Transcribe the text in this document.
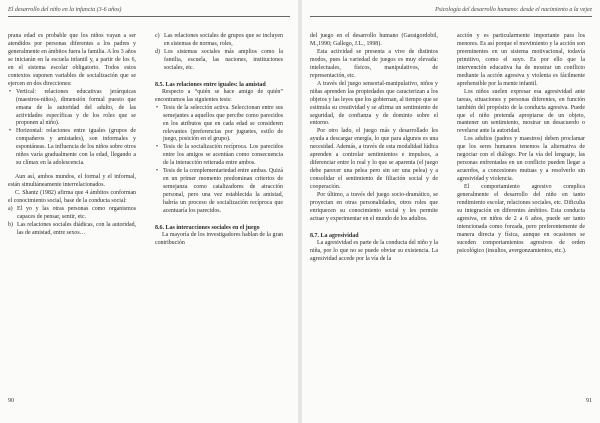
El desarrollo del niño en la infancia (3-6 años)

prana edad es probable que los niños vayan a ser atendidos por personas diferentes a los padres y generalmente en ámbitos fuera la familia. A los 3 años se iniciarán en la escuela infantil y, a partir de los 6, en el sistema escolar obligatorio. Todos estos contextos suponen variables de socialización que se ejercen en dos direcciones:

• Vertical: relaciones educativas jerárquicas (maestros-niños), dimensión formal puesto que emana de la autoridad del adulto, de las actividades específicas y de los roles que se proponen al niño).
• Horizontal: relaciones entre iguales (grupos de compañeros y amistades), son informales y espontáneas. La influencia de los niños sobre otros niños varía gradualmente con la edad, llegando a su clímax en la adolescencia.

Aun así, ambos mundos, el formal y el informal, están simultáneamente interrelacionados.

C. Shantz (1982) afirma que 4 ámbitos conforman el conocimiento social, base de la conducta social:

a) El yo y las otras personas como organismos capaces de pensar, sentir, etc.
b) Las relaciones sociales diádicas, con la autoridad, las de amistad, entre sexos…
c) Las relaciones sociales de grupos que se incluyen en sistemas de normas, roles,
d) Los sistemas sociales más amplios como la familia, escuela, las naciones, instituciones sociales, etc.
8.5. Las relaciones entre iguales: la amistad

Respecto a “quién se hace amigo de quién” encontramos las siguientes tesis:

• Tesis de la selección activa. Seleccionan entre sus semejantes a aquellos que percibe como parecidos en los atributos que en cada edad se consideren relevantes (preferencias por juguetes, estilo de juego, posición en el grupo).
• Tesis de la socialización recíproca. Los parecidos entre los amigos se acentúan como consecuencia de la interacción reiterada entre ambos.
• Tesis de la complementariedad entre ambas. Quizá en un primer momento predominan criterios de semejanza como catalizadores de atracción personal, pero una vez establecida la amistad, habría un proceso de socialización recíproca que acentuaría los parecidos.
8.6. Las interacciones sociales en el juego

La mayoría de los investigadores hablan de la gran contribución

90
Psicología del desarrollo humano: desde el nacimiento a la vejez

del juego en el desarrollo humano (Garaigordobil, M.,1990; Gallego, J.L., 1998).

Esta actividad se presenta a vive de distintos modos, pues la variedad de juegos es muy elevada: intelectuales, físicos, manipulativos, de representación, etc.

A través del juego sensorial-manipulativo, niños y niñas aprenden las propiedades que caracterizan a los objetos y las leyes que los gobiernan, al tiempo que se estimula su creatividad y se afirma un sentimiento de seguridad, de confianza y de dominio sobre el entorno.

Por otro lado, el juego más y desarrollado les ayuda a descargar energía, lo que para algunos es una necesidad. Además, a través de esta modalidad lúdica aprenden a controlar sentimientos e impulsos, a diferenciar entre lo real y lo que se aparenta (el juego debe parecer una pelea pero sin ser una pelea) y a consolidar el sentimiento de filiación social y de cooperación.

Por último, a través del juego socio-dramático, se proyectan en otras personalidades, otros roles que enriquecen su conocimiento social y les permite actuar y experimentar en el mundo de los adultos.

8.7. La agresividad

La agresividad es parte de la conducta del niño y la niña, por lo que no se puede obviar su existencia. La agresividad accede por la vía de la

acción y es particularmente importante para los menores. Es así porque el movimiento y la acción son preeminentes en un sistema motivacional, todavía primitivo, como el suyo. Es por ello que la intervención educativa ha de mostrar un conflicto mediante la acción agresiva y violenta es fácilmente aprehensible por la mente infantil.

Los niños suelen expresar esa agresividad ante tareas, situaciones y personas diferentes, en función también del propósito de la conducta agresiva. Puede que el niño pretenda apropiarse de un objeto, mantener un sentimiento, mostrar un desacuerdo o revelarse ante la autoridad.

Los adultos (padres y maestros) deben proclamar que los seres humanos tenemos la alternativa de negociar con el diálogo. Por la vía del lenguaje, las personas enfrentadas en un conflicto pueden llegar a acuerdos, a concesiones mutuas y a resolverlo sin agresividad y violencia.

El comportamiento agresivo complica generalmente el desarrollo del niño en tanto rendimiento escolar, relaciones sociales, etc. Dificulta su integración en diferentes ámbitos. Esta conducta agresiva, en niños de 2 a 6 años, puede ser tanto intencionada como forzada, pero preferentemente de manera directa y física, aunque en ocasiones se suceden comportamientos agresivos de orden psicológico (insultos, avergonzamientos, etc.).

91
